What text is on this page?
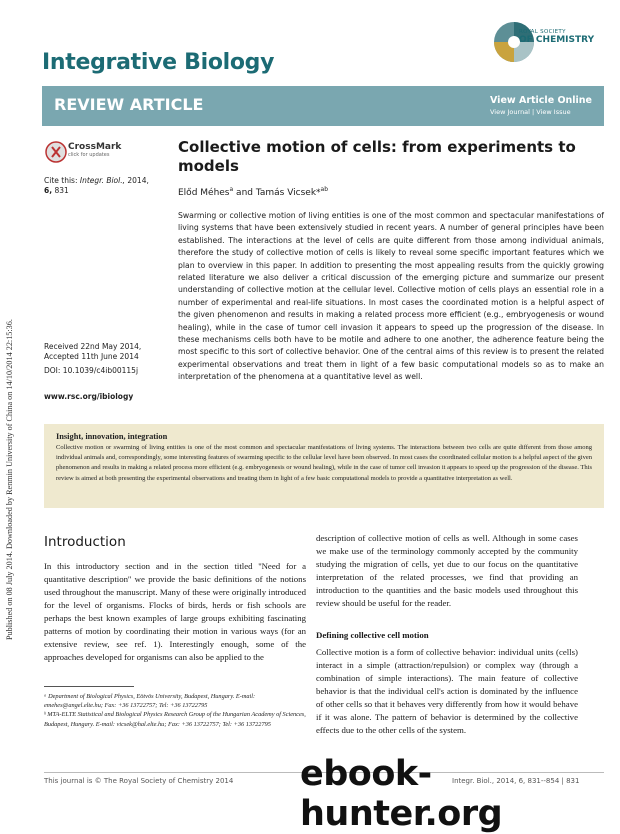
Published on 08 July 2014. Downloaded by Renmin University of China on 14/10/2014 22:15:36.
Integrative Biology
ROYAL SOCIETY
OF CHEMISTRY
REVIEW ARTICLE	View Article Online
View Journal | View Issue
CrossMark
click for updates
Cite this: Integr. Biol., 2014,
6, 831
Received 22nd May 2014,
Accepted 11th June 2014
DOI: 10.1039/c4ib00115j
www.rsc.org/ibiology
Collective motion of cells: from experiments to models
Előd Méhes$^a$ and Tamás Vicsek*$^{ab}$
Swarming or collective motion of living entities is one of the most common and spectacular manifestations of living systems that have been extensively studied in recent years. A number of general principles have been established. The interactions at the level of cells are quite different from those among individual animals, therefore the study of collective motion of cells is likely to reveal some specific important features which we plan to overview in this paper. In addition to presenting the most appealing results from the quickly growing related literature we also deliver a critical discussion of the emerging picture and summarize our present understanding of collective motion at the cellular level. Collective motion of cells plays an essential role in a number of experimental and real-life situations. In most cases the coordinated motion is a helpful aspect of the given phenomenon and results in making a related process more efficient (e.g., embryogenesis or wound healing), while in the case of tumor cell invasion it appears to speed up the progression of the disease. In these mechanisms cells both have to be motile and adhere to one another, the adherence feature being the most specific to this sort of collective behavior. One of the central aims of this review is to present the related experimental observations and treat them in light of a few basic computational models so as to make an interpretation of the phenomena at a quantitative level as well.
Insight, innovation, integration
Collective motion or swarming of living entities is one of the most common and spectacular manifestations of living systems. The interactions between two cells are quite different from those among individual animals and, correspondingly, some interesting features of swarming specific to the cellular level have been observed. In most cases the coordinated cellular motion is a helpful aspect of the given phenomenon and results in making a related process more efficient (e.g. embryogenesis or wound healing), while in the case of tumor cell invasion it appears to speed up the progression of the disease. This review is aimed at both presenting the experimental observations and treating them in light of a few basic computational models to provide a quantitative interpretation as well.
Introduction
In this introductory section and in the section titled ''Need for a quantitative description'' we provide the basic definitions of the notions used throughout the manuscript. Many of these were originally introduced for the level of organisms. Flocks of birds, herds or fish schools are perhaps the best known examples of large groups exhibiting fascinating patterns of motion by coordinating their motion in various ways (for an extensive review, see ref. 1). Interestingly enough, some of the approaches developed for organisms can also be applied to the
description of collective motion of cells as well. Although in some cases we make use of the terminology commonly accepted by the community studying the migration of cells, yet due to our focus on the quantitative interpretation of the related processes, we find that providing an introduction to the quantities and the basic models used throughout this review should be useful for the reader.
Defining collective cell motion
Collective motion is a form of collective behavior: individual units (cells) interact in a simple (attraction/repulsion) or complex way (through a combination of simple interactions). The main feature of collective behavior is that the individual cell's action is dominated by the influence of other cells so that it behaves very differently from how it would behave if it was alone. The pattern of behavior is determined by the collective effects due to the other cells of the system.
ᵃ Department of Biological Physics, Eötvös University, Budapest, Hungary. E-mail: emehes@angel.elte.hu; Fax: +36 13722757; Tel: +36 13722795
ᵇ MTA-ELTE Statistical and Biological Physics Research Group of the Hungarian Academy of Sciences, Budapest, Hungary. E-mail: vicsek@hal.elte.hu; Fax: +36 13722757; Tel: +36 13722795
This journal is © The Royal Society of Chemistry 2014	Integr. Biol., 2014, 6, 831--854 | 831
ebook-hunter.org
